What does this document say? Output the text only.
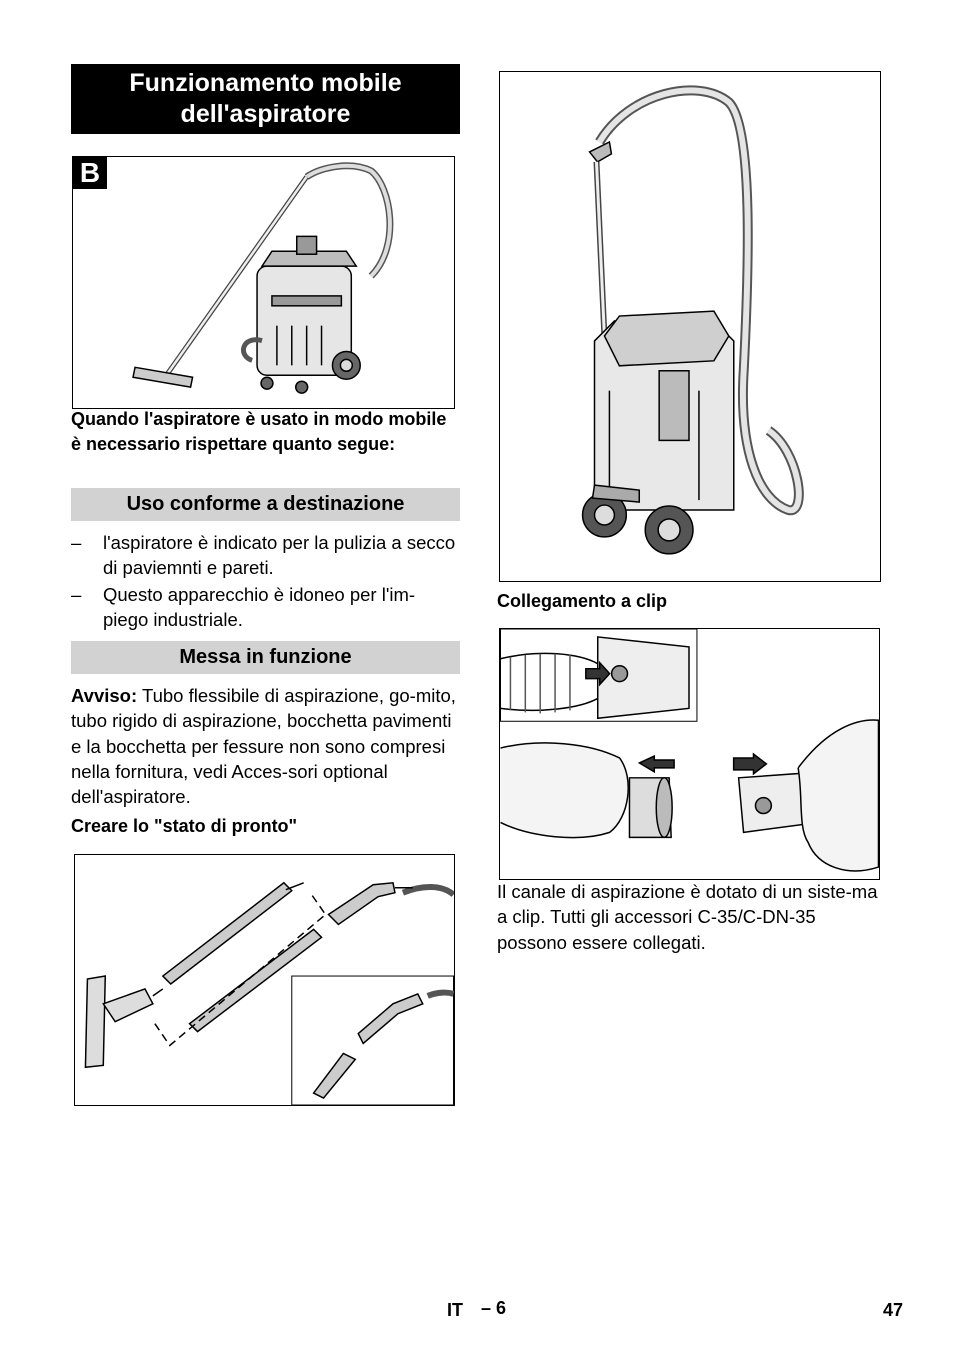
Funzionamento mobile
dell'aspiratore
B
Quando l'aspiratore è usato in modo mobile è necessario rispettare quanto segue:
Uso conforme a destinazione
–	l'aspiratore è indicato per la pulizia a secco di paviemnti e pareti.
–	Questo apparecchio è idoneo per l'im-piego industriale.
Messa in funzione
Avviso: Tubo flessibile di aspirazione, go-mito, tubo rigido di aspirazione, bocchetta pavimenti e la bocchetta per fessure non sono compresi nella fornitura, vedi Acces-sori optional dell'aspiratore.
Creare lo "stato di pronto"
Collegamento a clip
Il canale di aspirazione è dotato di un siste-ma a clip. Tutti gli accessori C-35/C-DN-35 possono essere collegati.
IT – 6	47
